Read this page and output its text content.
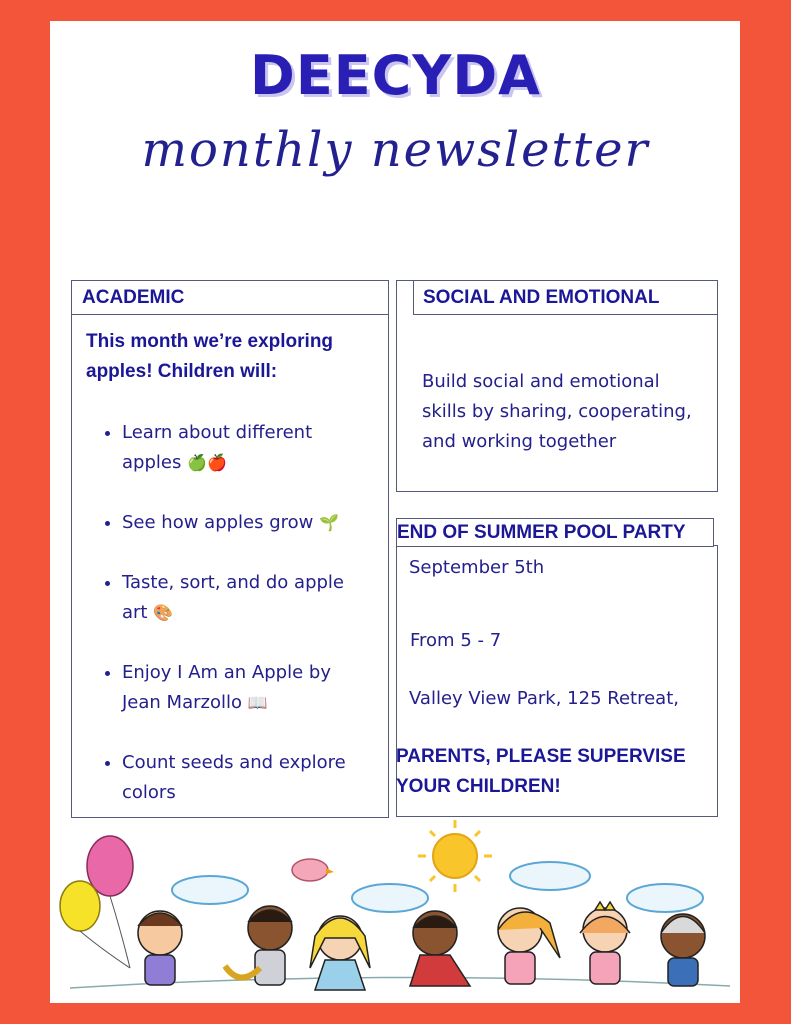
DEECYDA
monthly newsletter
ACADEMIC
This month we’re exploring apples! Children will:
• Learn about different apples 🍏🍎
• See how apples grow 🌱
• Taste, sort, and do apple art 🎨
• Enjoy I Am an Apple by Jean Marzollo 📖
• Count seeds and explore colors
SOCIAL AND EMOTIONAL
Build social and emotional skills by sharing, cooperating, and working together
END OF SUMMER POOL PARTY
September 5th
From 5 - 7
Valley View Park, 125 Retreat,
PARENTS, PLEASE SUPERVISE YOUR CHILDREN!
